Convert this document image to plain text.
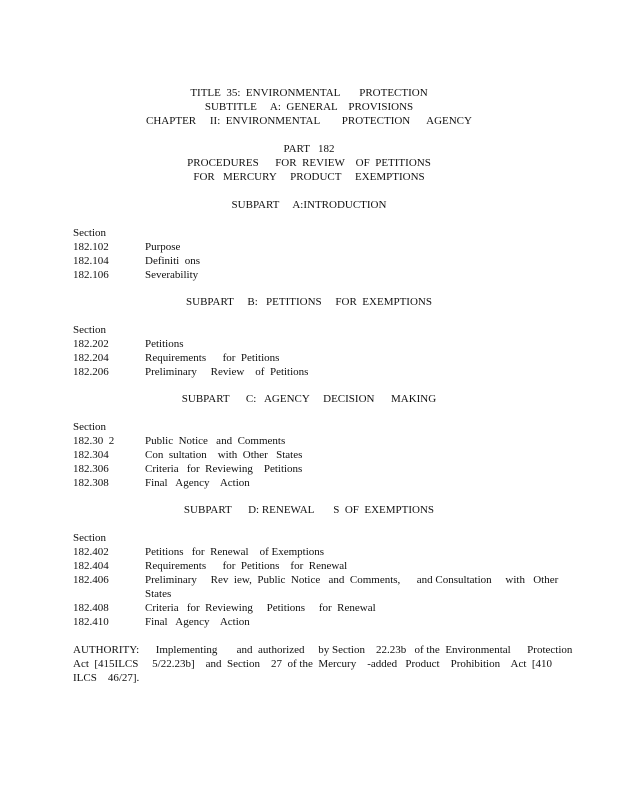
TITLE  35:  ENVIRONMENTAL       PROTECTION
SUBTITLE     A:  GENERAL    PROVISIONS
CHAPTER     II:  ENVIRONMENTAL        PROTECTION      AGENCY
PART   182
PROCEDURES      FOR  REVIEW    OF  PETITIONS
FOR   MERCURY     PRODUCT     EXEMPTIONS
SUBPART     A:INTRODUCTION
Section
182.102	Purpose
182.104	Definiti  ons
182.106	Severability
SUBPART     B:   PETITIONS     FOR  EXEMPTIONS
Section
182.202	Petitions
182.204	Requirements      for  Petitions
182.206	Preliminary     Review    of  Petitions
SUBPART      C:   AGENCY     DECISION      MAKING
Section
182.30  2	Public  Notice   and  Comments
182.304	Con  sultation    with  Other   States
182.306	Criteria   for  Reviewing    Petitions
182.308	Final   Agency    Action
SUBPART      D: RENEWAL       S  OF  EXEMPTIONS
Section
182.402	Petitions   for  Renewal    of Exemptions
182.404	Requirements      for  Petitions    for  Renewal
182.406	Preliminary     Rev  iew,  Public  Notice   and  Comments,      and Consultation     with   Other
States
182.408	Criteria   for  Reviewing     Petitions     for  Renewal
182.410	Final   Agency    Action
AUTHORITY:      Implementing       and  authorized     by Section    22.23b   of the  Environmental      Protection
Act  [415ILCS     5/22.23b]    and  Section    27  of the  Mercury    -added   Product    Prohibition    Act  [410
ILCS    46/27].
